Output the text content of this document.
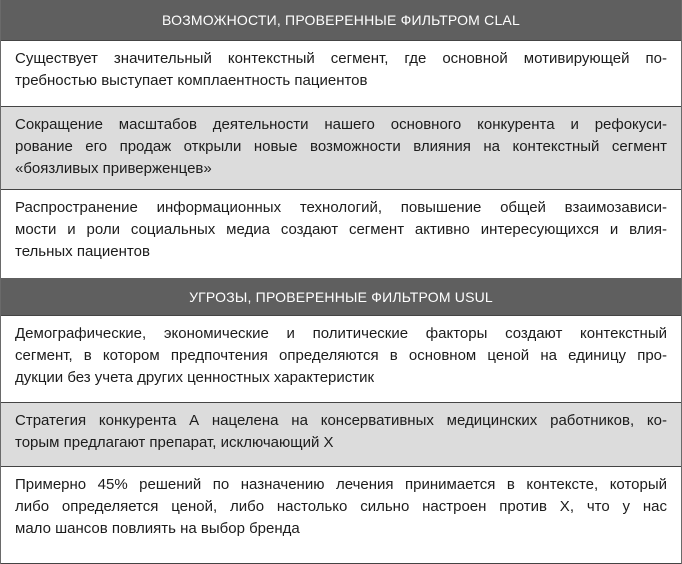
ВОЗМОЖНОСТИ, ПРОВЕРЕННЫЕ ФИЛЬТРОМ CLAL
Существует значительный контекстный сегмент, где основной мотивирующей по-
требностью выступает комплаентность пациентов
Сокращение масштабов деятельности нашего основного конкурента и рефокуси-
рование его продаж открыли новые возможности влияния на контекстный сегмент
«боязливых приверженцев»
Распространение информационных технологий, повышение общей взаимозависи-
мости и роли социальных медиа создают сегмент активно интересующихся и влия-
тельных пациентов
УГРОЗЫ, ПРОВЕРЕННЫЕ ФИЛЬТРОМ USUL
Демографические, экономические и политические факторы создают контекстный
сегмент, в котором предпочтения определяются в основном ценой на единицу про-
дукции без учета других ценностных характеристик
Стратегия конкурента А нацелена на консервативных медицинских работников, ко-
торым предлагают препарат, исключающий Х
Примерно 45% решений по назначению лечения принимается в контексте, который
либо определяется ценой, либо настолько сильно настроен против Х, что у нас
мало шансов повлиять на выбор бренда
